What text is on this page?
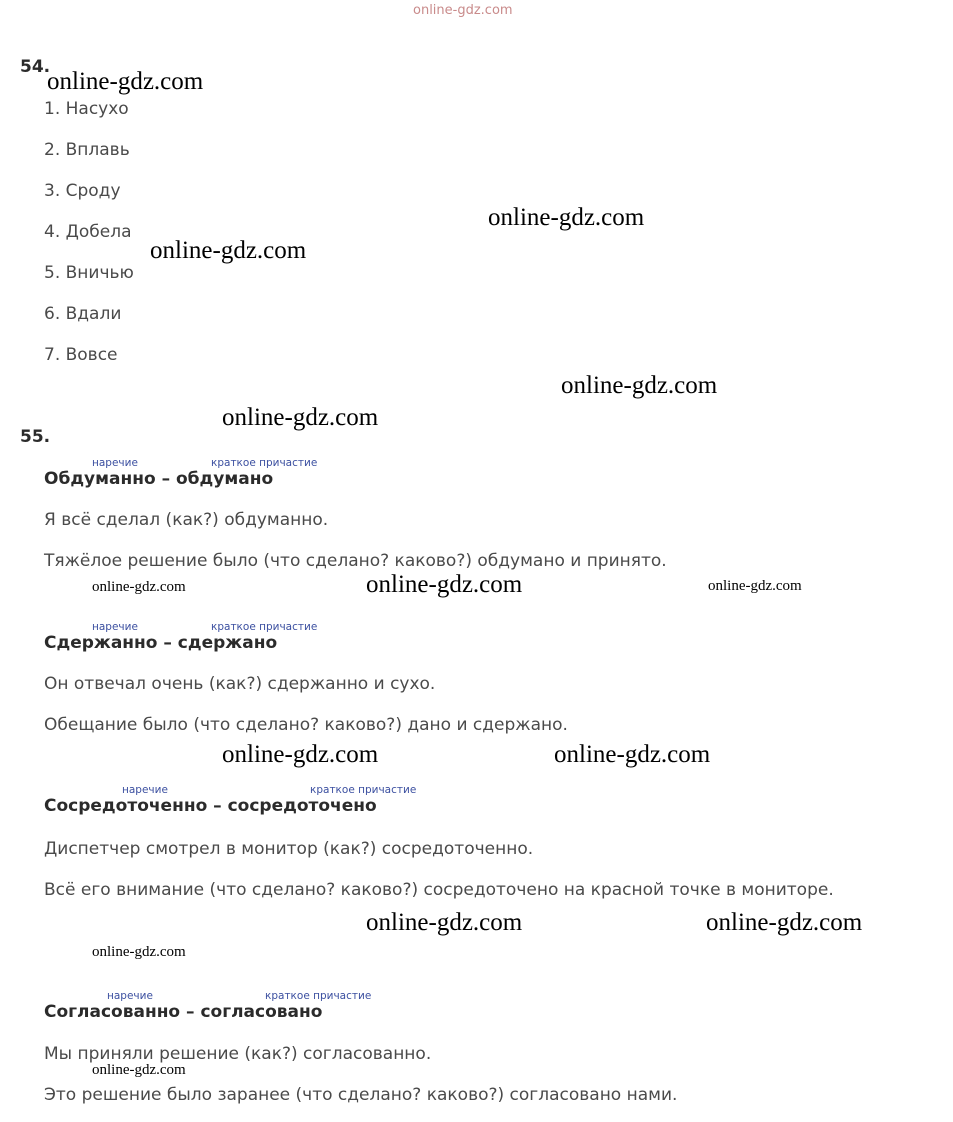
online-gdz.com
online-gdz.com
online-gdz.com
online-gdz.com
online-gdz.com
online-gdz.com
online-gdz.com	online-gdz.com	online-gdz.com
online-gdz.com	online-gdz.com
online-gdz.com	online-gdz.com
online-gdz.com
online-gdz.com
54.
1. Насухо
2. Вплавь
3. Сроду
4. Добела
5. Вничью
6. Вдали
7. Вовсе
55.
наречие	краткое причастие
Обдуманно – обдумано
Я всё сделал (как?) обдуманно.
Тяжёлое решение было (что сделано? каково?) обдумано и принято.
наречие	краткое причастие
Сдержанно – сдержано
Он отвечал очень (как?) сдержанно и сухо.
Обещание было (что сделано? каково?) дано и сдержано.
наречие	краткое причастие
Сосредоточенно – сосредоточено
Диспетчер смотрел в монитор (как?) сосредоточенно.
Всё его внимание (что сделано? каково?) сосредоточено на красной точке в мониторе.
наречие	краткое причастие
Согласованно – согласовано
Мы приняли решение (как?) согласованно.
Это решение было заранее (что сделано? каково?) согласовано нами.
